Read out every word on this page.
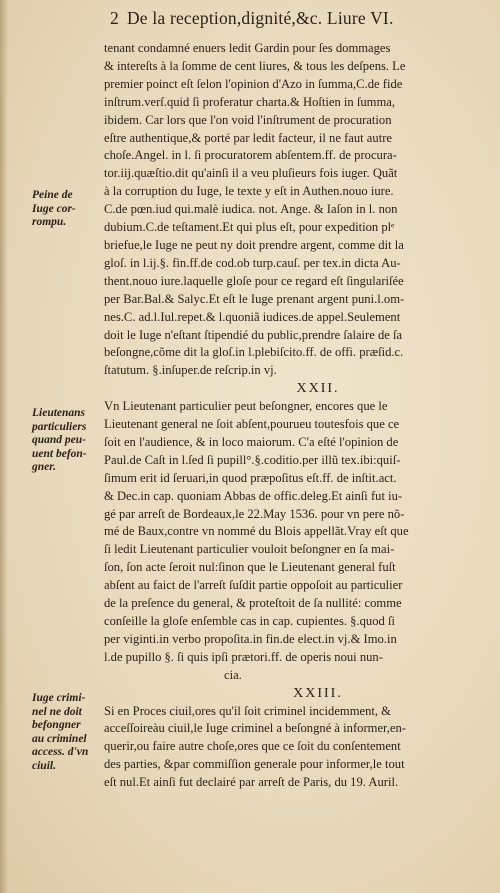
2 De la reception,dignité,&c. Liure VI.
Peine de
Iuge cor-
rompu.
Lieutenans
particuliers
quand peu-
uent befon-
gner.
Iuge crimi-
nel ne doit
befongner
au criminel
access. d'vn
ciuil.
tenant condamné enuers ledit Gardin pour ſes dommages
& intereſts à la ſomme de cent liures, & tous les deſpens. Le
premier poinct eſt ſelon l'opinion d'Azo in ſumma,C.de fide
inſtrum.verſ.quid ſi proferatur charta.& Hoſtien in ſumma,
ibidem. Car lors que l'on void l'inſtrument de procuration
eſtre authentique,& porté par ledit facteur, il ne faut autre
choſe.Angel. in l. ſi procuratorem abſentem.ff. de procura-
tor.iij.quæſtio.dit qu'ainſi il a veu pluſieurs fois iuger. Quãt
à la corruption du Iuge, le texte y eſt in Authen.nouo iure.
C.de pœn.iud qui.malè iudica. not. Ange. & Iaſon in l. non
dubium.C.de teſtament.Et qui plus eſt, pour expedition plᵉ
briefue,le Iuge ne peut ny doit prendre argent, comme dit la
gloſ. in l.ij.§. fin.ff.de cod.ob turp.cauſ. per tex.in dicta Au-
thent.nouo iure.laquelle gloſe pour ce regard eſt ſingulariſée
per Bar.Bal.& Salyc.Et eſt le Iuge prenant argent puni.l.om-
nes.C. ad.l.Iul.repet.& l.quoniã iudices.de appel.Seulement
doit le Iuge n'eſtant ſtipendié du public,prendre ſalaire de ſa
beſongne,cõme dit la gloſ.in l.plebiſcito.ff. de offi. præſid.c.
ſtatutum. §.inſuper.de reſcrip.in vj.
XXII.
Vn Lieutenant particulier peut beſongner, encores que le
Lieutenant general ne ſoit abſent,pourueu toutesfois que ce
ſoit en l'audience, & in loco maiorum. C'a eſté l'opinion de
Paul.de Caſt in l.ſed ſi pupill°.§.coditio.per illũ tex.ibi:quiſ-
ſimum erit id ſeruari,in quod præpoſitus eſt.ff. de inſtit.act.
& Dec.in cap. quoniam Abbas de offic.deleg.Et ainſi fut iu-
gé par arreſt de Bordeaux,le 22.May 1536. pour vn pere nõ-
mé de Baux,contre vn nommé du Blois appellãt.Vray eſt que
ſi ledit Lieutenant particulier vouloit beſongner en ſa mai-
ſon, ſon acte ſeroit nul:ſinon que le Lieutenant general fuſt
abſent au faict de l'arreſt ſuſdit partie oppoſoit au particulier
de la preſence du general, & proteſtoit de ſa nullité: comme
conſeille la gloſe enſemble cas in cap. cupientes. §.quod ſi
per viginti.in verbo propoſita.in fin.de elect.in vj.& Imo.in
l.de pupillo §. ſi quis ipſi prætori.ff. de operis noui nun-
cia.
XXIII.
Si en Proces ciuil,ores qu'il ſoit criminel incidemment, &
acceſſoireàu ciuil,le Iuge criminel a beſongné à informer,en-
querir,ou faire autre choſe,ores que ce ſoit du conſentement
des parties, &par commiſſion generale pour informer,le tout
eſt nul.Et ainſi fut declairé par arreſt de Paris, du 19. Auril.
